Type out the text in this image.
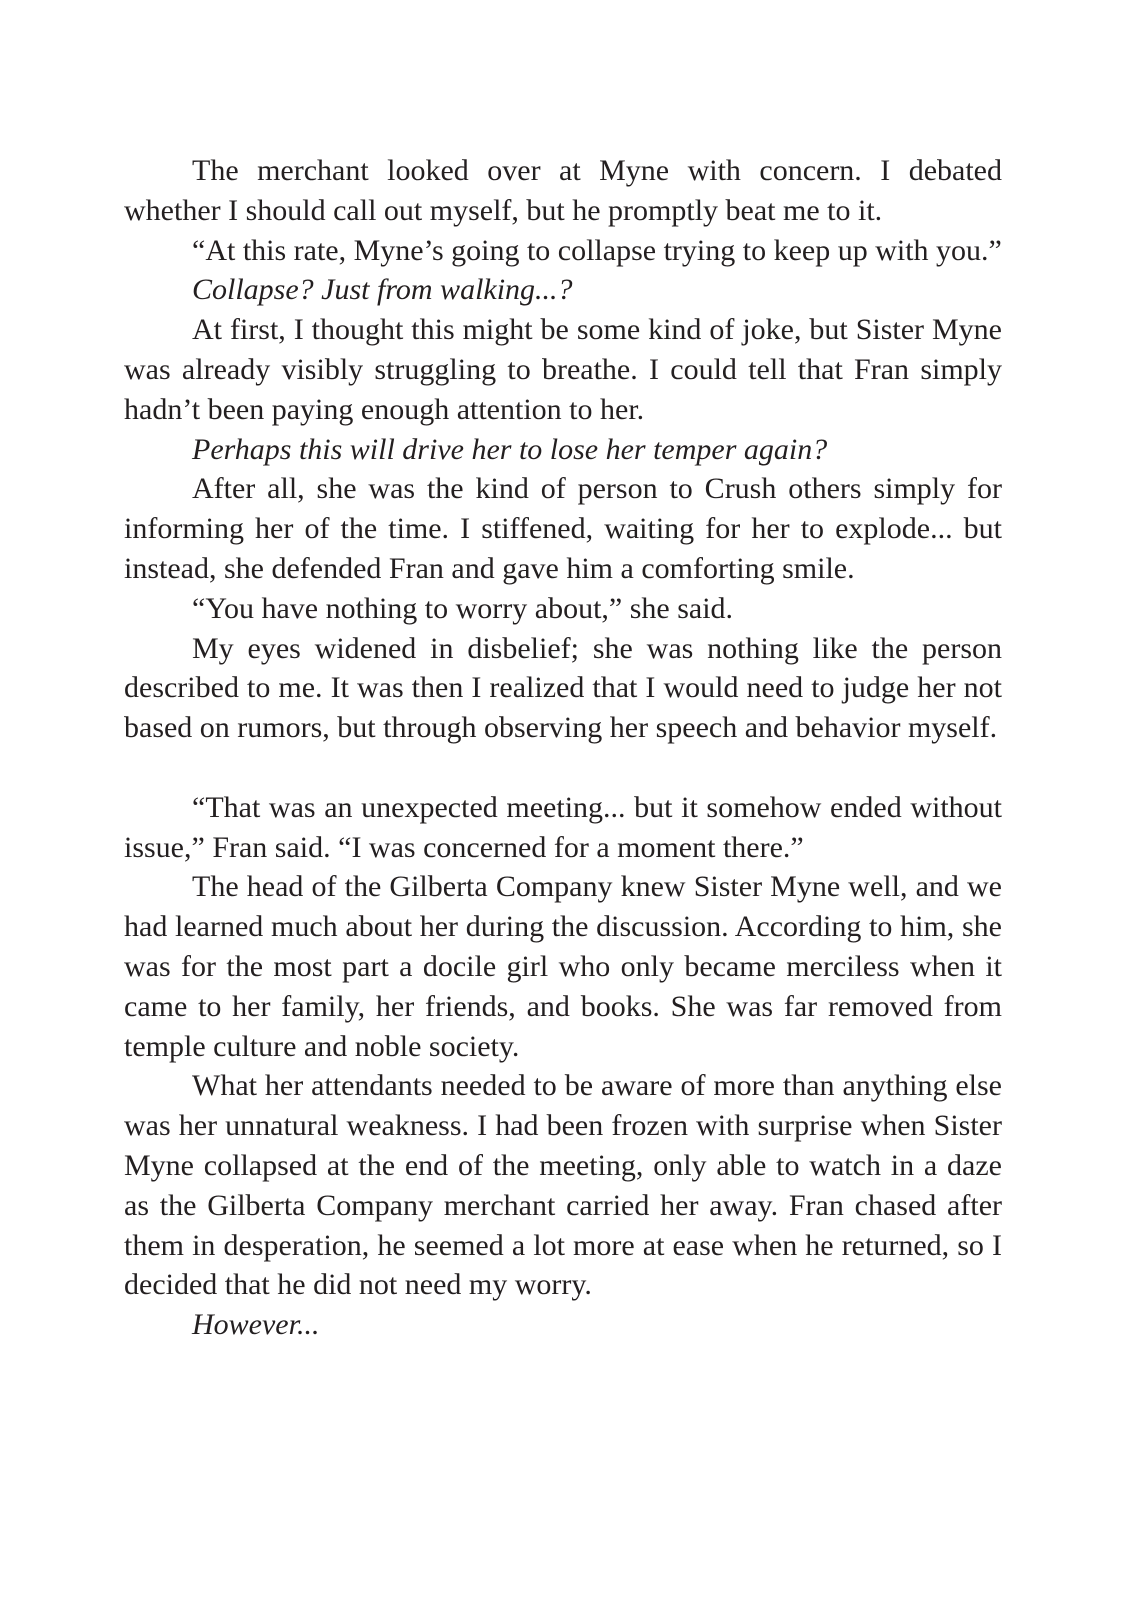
The merchant looked over at Myne with concern. I debated whether I should call out myself, but he promptly beat me to it.

“At this rate, Myne’s going to collapse trying to keep up with you.”

Collapse? Just from walking...?

At first, I thought this might be some kind of joke, but Sister Myne was already visibly struggling to breathe. I could tell that Fran simply hadn’t been paying enough attention to her.

Perhaps this will drive her to lose her temper again?

After all, she was the kind of person to Crush others simply for informing her of the time. I stiffened, waiting for her to explode... but instead, she defended Fran and gave him a comforting smile.

“You have nothing to worry about,” she said.

My eyes widened in disbelief; she was nothing like the person described to me. It was then I realized that I would need to judge her not based on rumors, but through observing her speech and behavior myself.

“That was an unexpected meeting... but it somehow ended without issue,” Fran said. “I was concerned for a moment there.”

The head of the Gilberta Company knew Sister Myne well, and we had learned much about her during the discussion. According to him, she was for the most part a docile girl who only became merciless when it came to her family, her friends, and books. She was far removed from temple culture and noble society.

What her attendants needed to be aware of more than anything else was her unnatural weakness. I had been frozen with surprise when Sister Myne collapsed at the end of the meeting, only able to watch in a daze as the Gilberta Company merchant carried her away. Fran chased after them in desperation, he seemed a lot more at ease when he returned, so I decided that he did not need my worry.

However...
